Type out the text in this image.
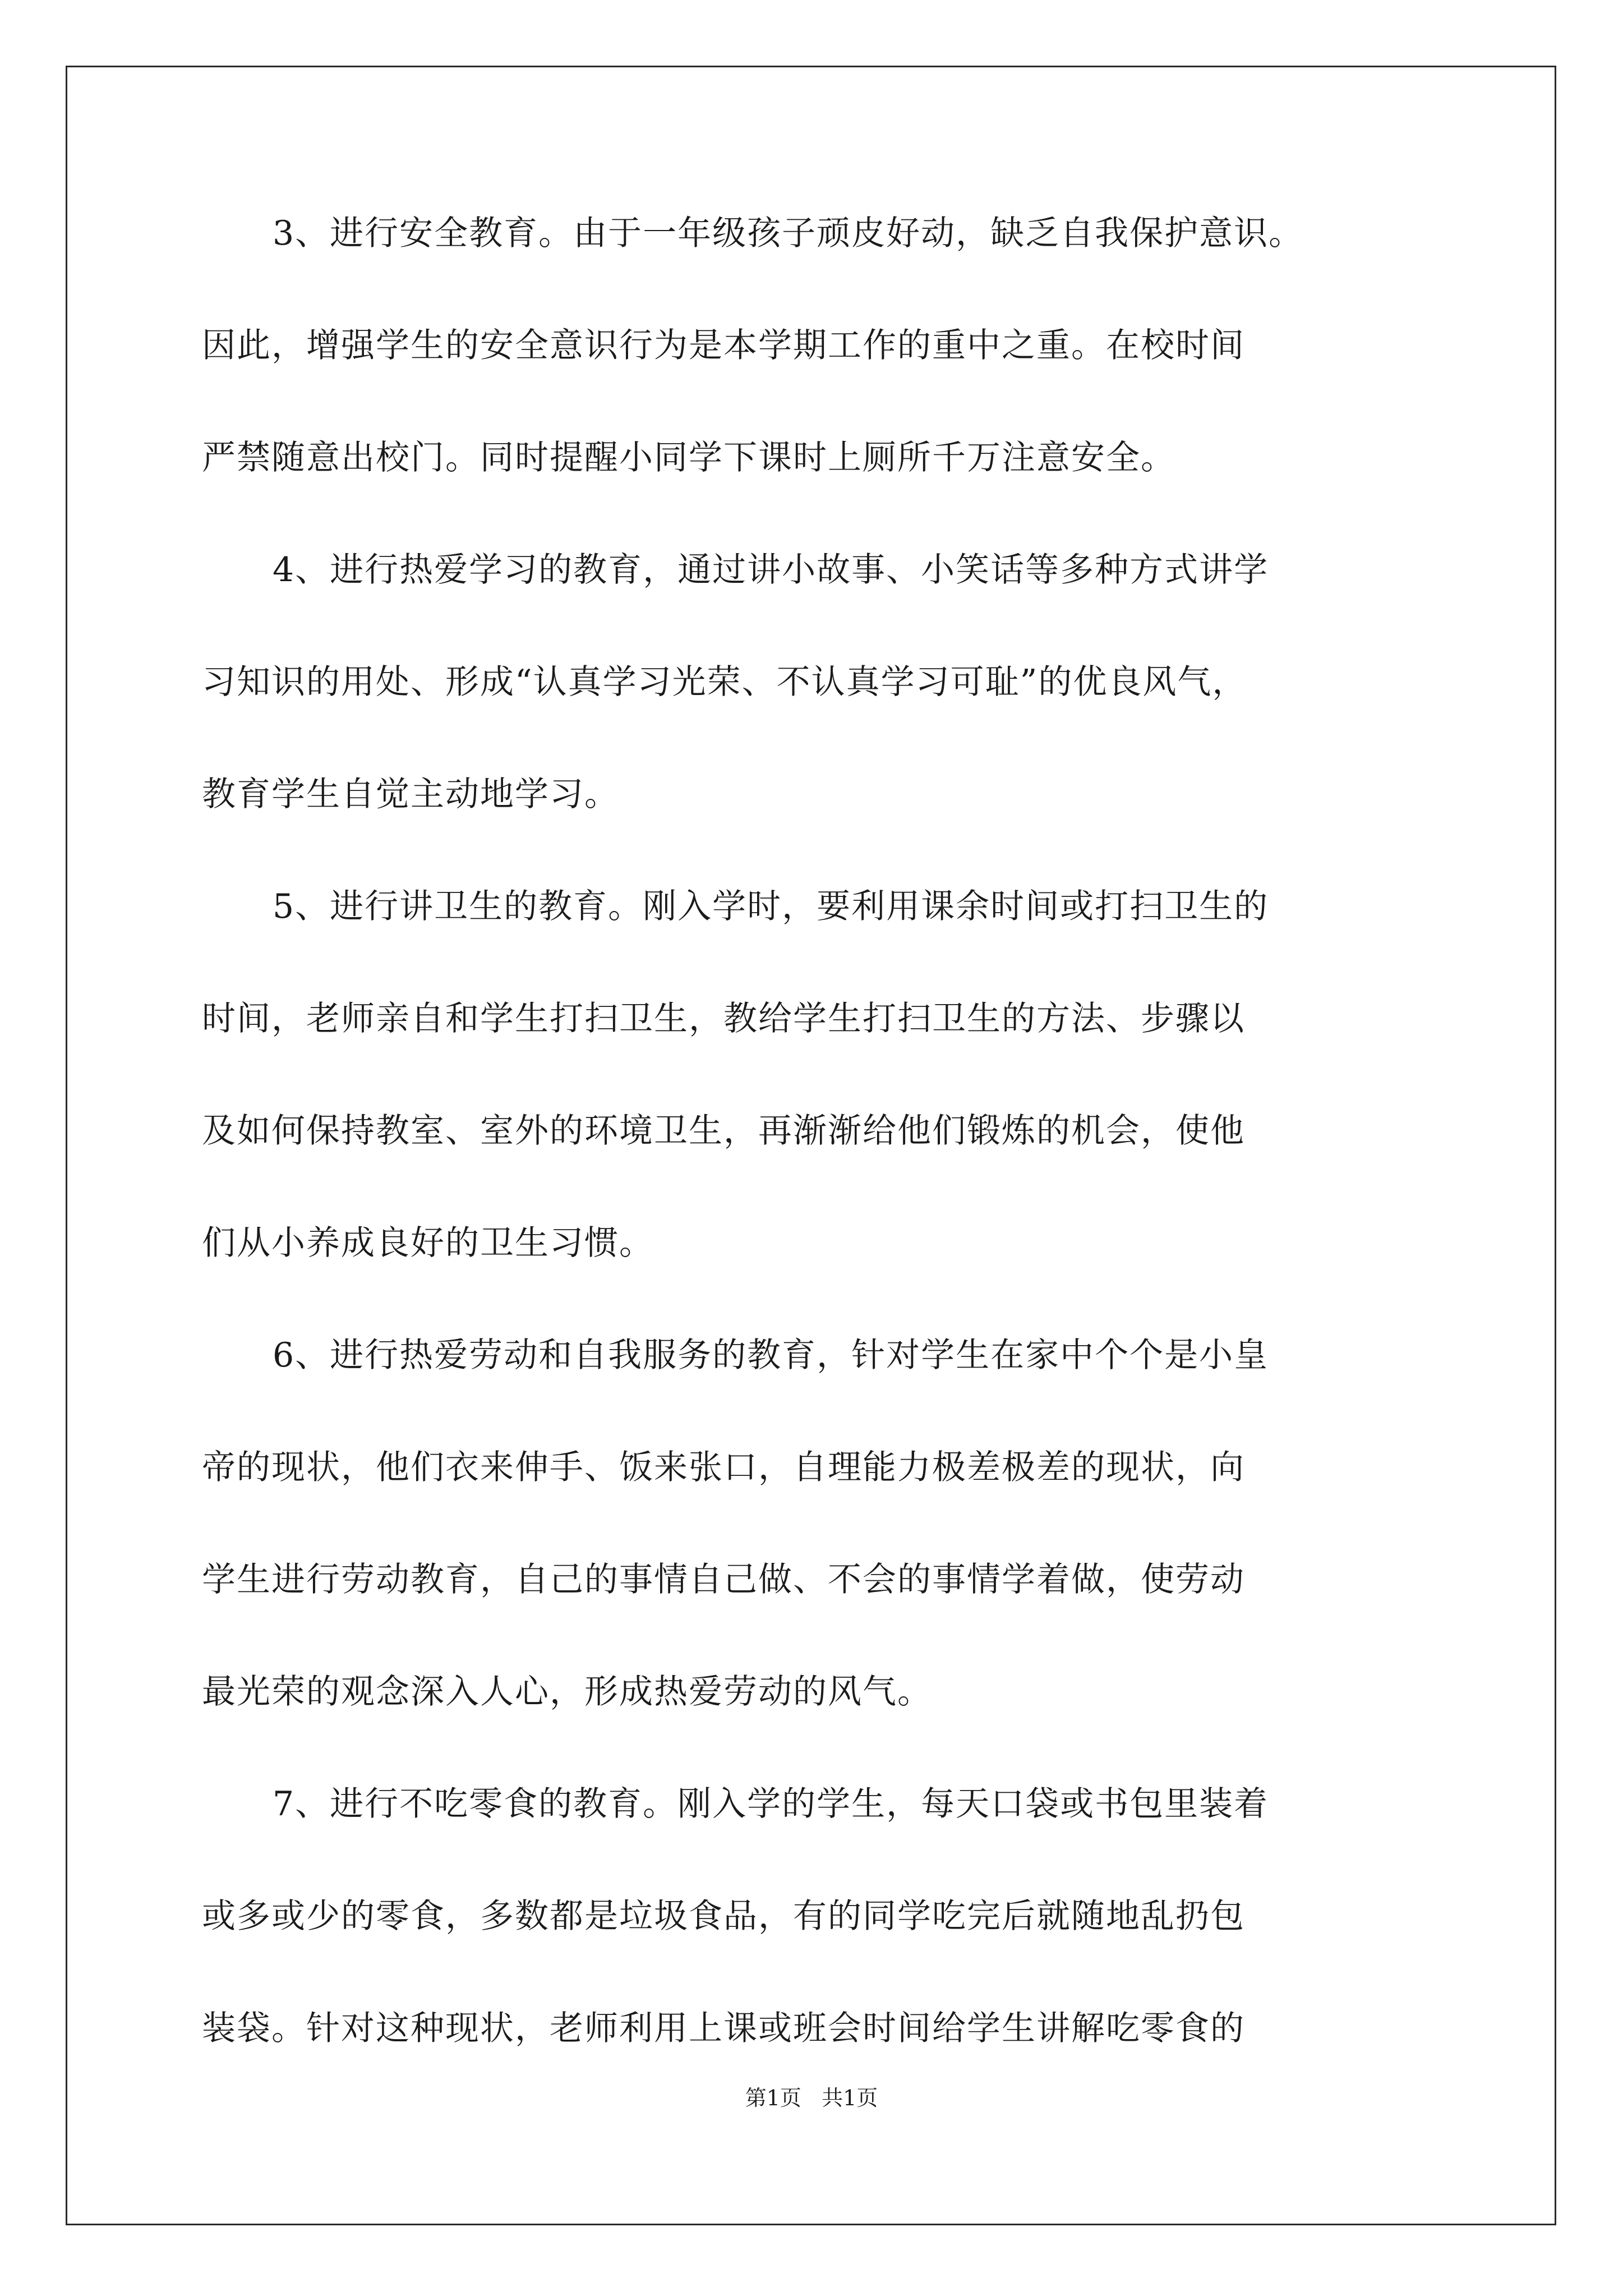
3、进行安全教育。由于一年级孩子顽皮好动，缺乏自我保护意识。
因此，增强学生的安全意识行为是本学期工作的重中之重。在校时间
严禁随意出校门。同时提醒小同学下课时上厕所千万注意安全。
4、进行热爱学习的教育，通过讲小故事、小笑话等多种方式讲学
习知识的用处、形成“认真学习光荣、不认真学习可耻”的优良风气，
教育学生自觉主动地学习。
5、进行讲卫生的教育。刚入学时，要利用课余时间或打扫卫生的
时间，老师亲自和学生打扫卫生，教给学生打扫卫生的方法、步骤以
及如何保持教室、室外的环境卫生，再渐渐给他们锻炼的机会，使他
们从小养成良好的卫生习惯。
6、进行热爱劳动和自我服务的教育，针对学生在家中个个是小皇
帝的现状，他们衣来伸手、饭来张口，自理能力极差极差的现状，向
学生进行劳动教育，自己的事情自己做、不会的事情学着做，使劳动
最光荣的观念深入人心，形成热爱劳动的风气。
7、进行不吃零食的教育。刚入学的学生，每天口袋或书包里装着
或多或少的零食，多数都是垃圾食品，有的同学吃完后就随地乱扔包
装袋。针对这种现状，老师利用上课或班会时间给学生讲解吃零食的
第1页   共1页
